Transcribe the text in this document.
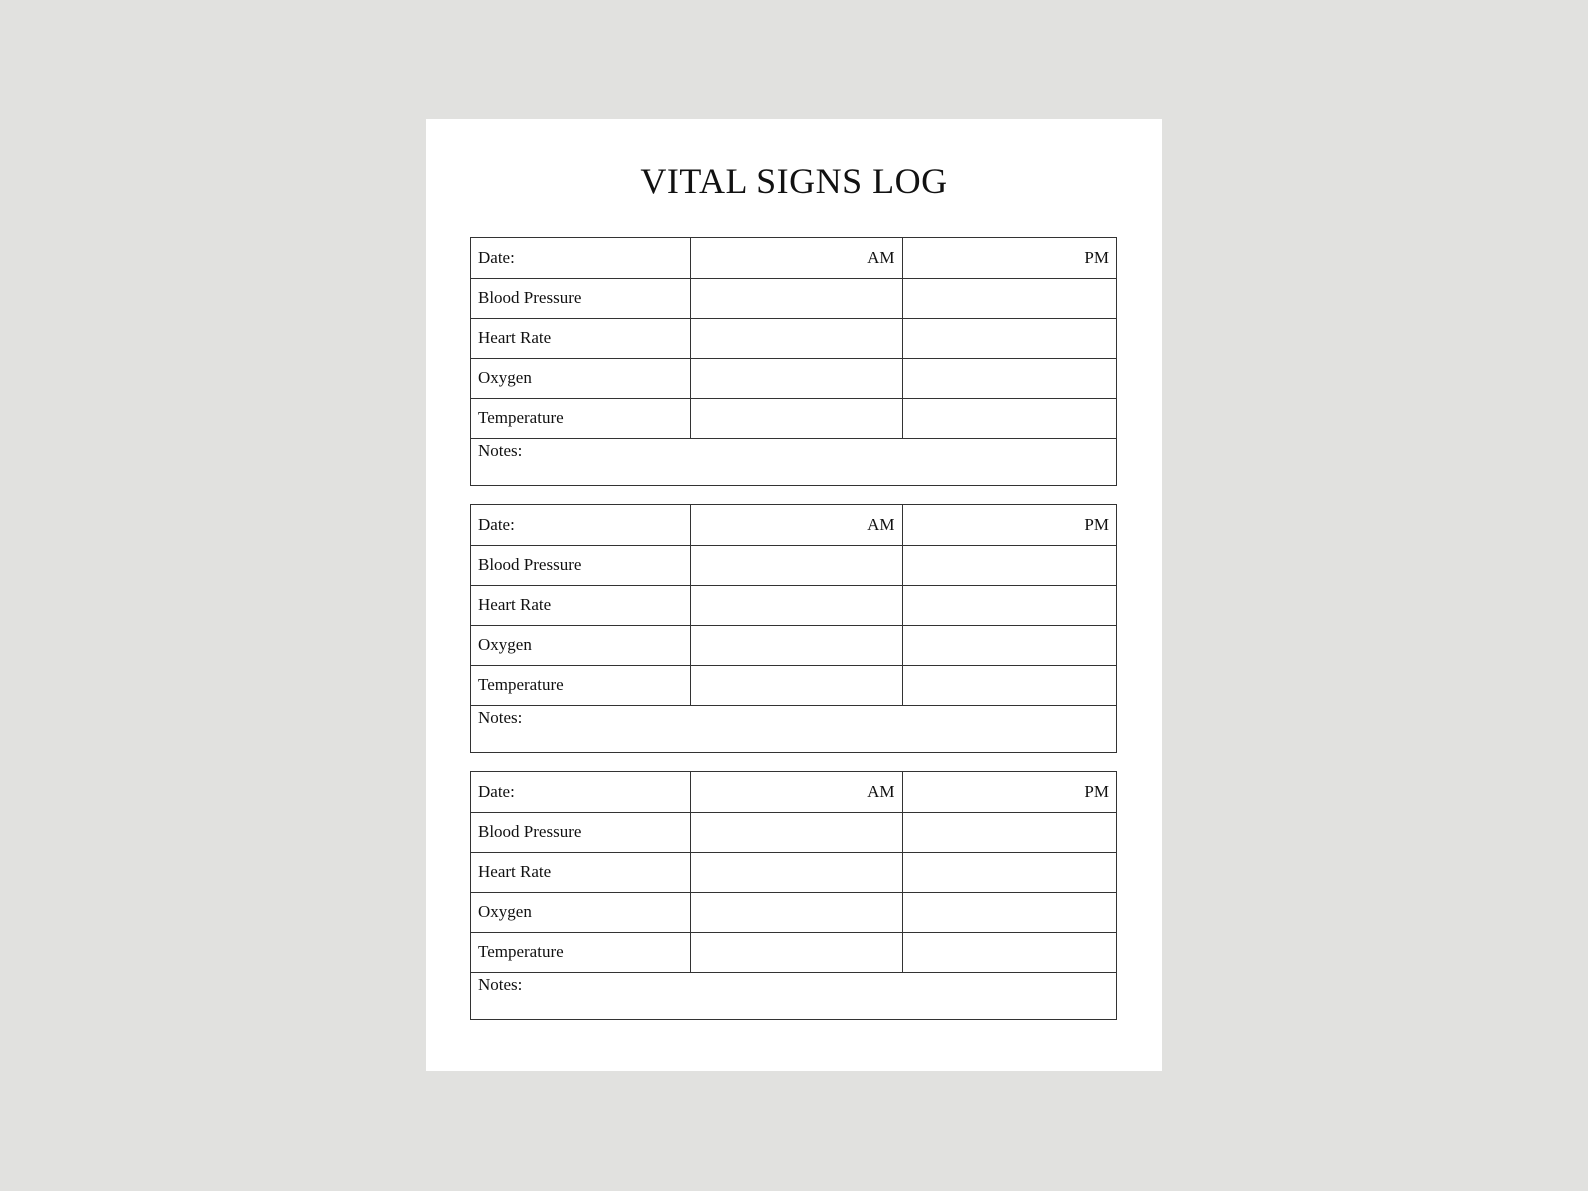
VITAL SIGNS LOG
Date:	AM	PM
Blood Pressure		
Heart Rate		
Oxygen		
Temperature		
Notes:		
Date:	AM	PM
Blood Pressure		
Heart Rate		
Oxygen		
Temperature		
Notes:		
Date:	AM	PM
Blood Pressure		
Heart Rate		
Oxygen		
Temperature		
Notes:		
